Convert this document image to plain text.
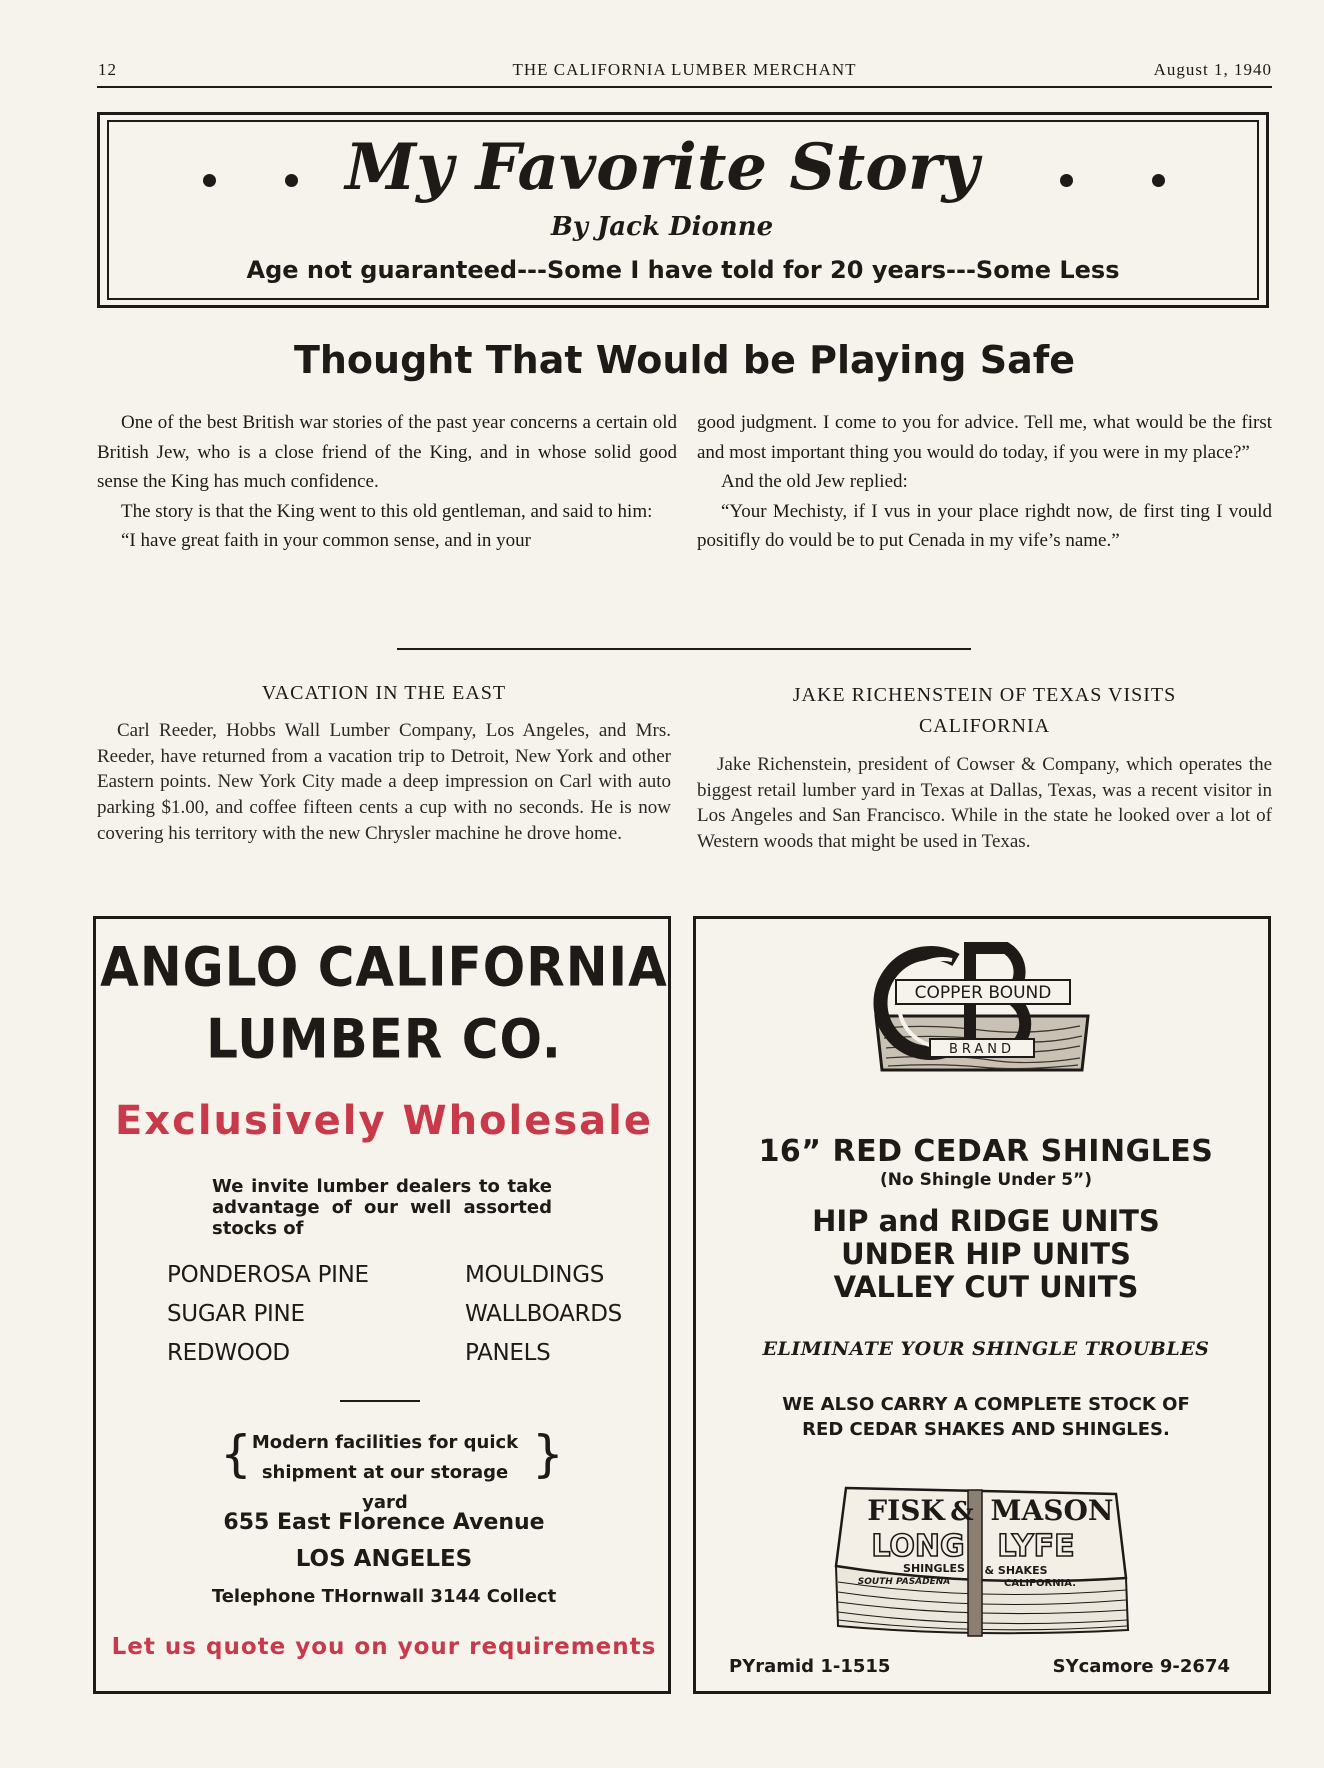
12	THE CALIFORNIA LUMBER MERCHANT	August 1, 1940
My Favorite Story
By Jack Dionne
Age not guaranteed---Some I have told for 20 years---Some Less
Thought That Would be Playing Safe

One of the best British war stories of the past year concerns a certain old British Jew, who is a close friend of the King, and in whose solid good sense the King has much confidence.

The story is that the King went to this old gentleman, and said to him:

“I have great faith in your common sense, and in your

good judgment. I come to you for advice. Tell me, what would be the first and most important thing you would do today, if you were in my place?”

And the old Jew replied:

“Your Mechisty, if I vus in your place righdt now, de first ting I vould positifly do vould be to put Cenada in my vife’s name.”

VACATION IN THE EAST

Carl Reeder, Hobbs Wall Lumber Company, Los Angeles, and Mrs. Reeder, have returned from a vacation trip to Detroit, New York and other Eastern points. New York City made a deep impression on Carl with auto parking $1.00, and coffee fifteen cents a cup with no seconds. He is now covering his territory with the new Chrysler machine he drove home.

JAKE RICHENSTEIN OF TEXAS VISITS
CALIFORNIA

Jake Richenstein, president of Cowser & Company, which operates the biggest retail lumber yard in Texas at Dallas, Texas, was a recent visitor in Los Angeles and San Francisco. While in the state he looked over a lot of Western woods that might be used in Texas.

ANGLO CALIFORNIA
LUMBER CO.
Exclusively Wholesale
We invite lumber dealers to take advantage of our well assorted stocks of
PONDEROSA PINE
SUGAR PINE
REDWOOD
MOULDINGS
WALLBOARDS
PANELS
{	}
Modern facilities for quick
shipment at our storage yard
655 East Florence Avenue
LOS ANGELES
Telephone THornwall 3144 Collect
Let us quote you on your requirements
COPPER BOUND
BRAND
16” RED CEDAR SHINGLES
(No Shingle Under 5”)
HIP and RIDGE UNITS
UNDER HIP UNITS
VALLEY CUT UNITS
ELIMINATE YOUR SHINGLE TROUBLES
WE ALSO CARRY A COMPLETE STOCK OF
RED CEDAR SHAKES AND SHINGLES.
FISK & MASON
LONG LYFE
SHINGLES & SHAKES
SOUTH PASADENA	CALIFORNIA.
PYramid 1-1515	SYcamore 9-2674
